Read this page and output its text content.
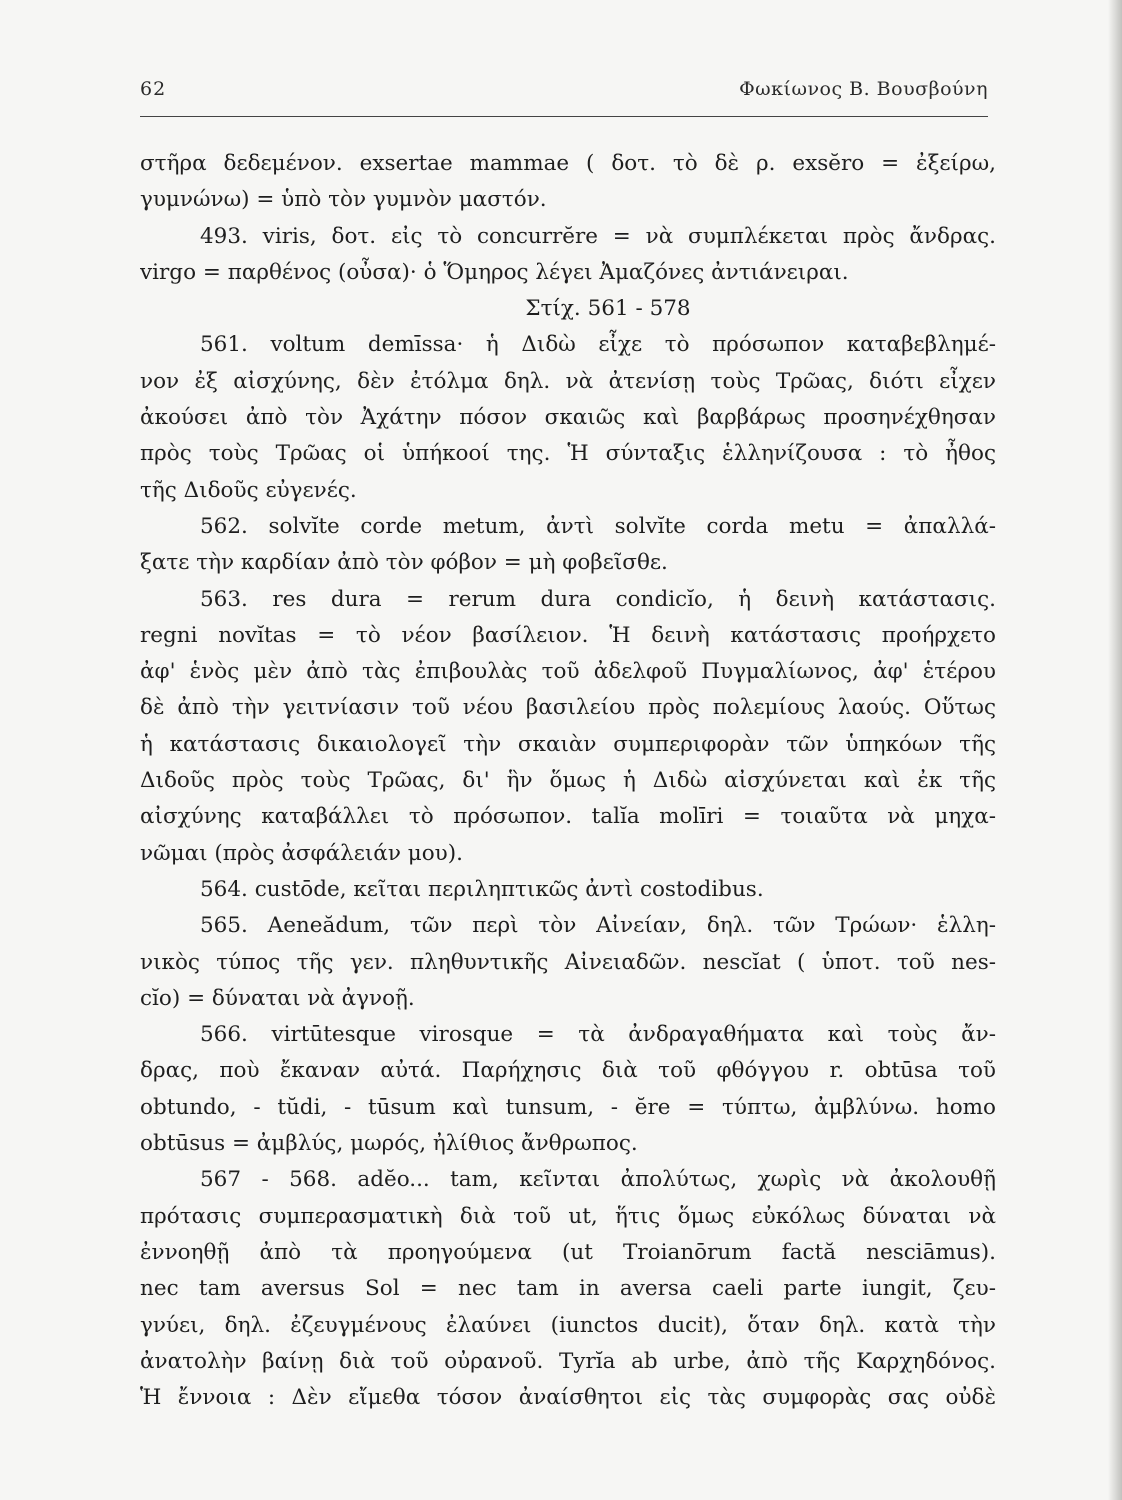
62	Φωκίωνος Β. Βουσβούνη
στῆρα δεδεμένον. exsertae mammae ( δοτ. τὸ δὲ ρ. exsĕro = ἐξείρω,
γυμνώνω) = ὑπὸ τὸν γυμνὸν μαστόν.
493. viris, δοτ. εἰς τὸ concurrĕre = νὰ συμπλέκεται πρὸς ἄνδρας.
virgo = παρθένος (οὖσα)· ὁ Ὅμηρος λέγει Ἀμαζόνες ἀντιάνειραι.
Στίχ. 561 - 578
561. voltum demīssa· ἡ Διδὼ εἶχε τὸ πρόσωπον καταβεβλημέ-
νον ἐξ αἰσχύνης, δὲν ἐτόλμα δηλ. νὰ ἀτενίσῃ τοὺς Τρῶας, διότι εἶχεν
ἀκούσει ἀπὸ τὸν Ἀχάτην πόσον σκαιῶς καὶ βαρβάρως προσηνέχθησαν
πρὸς τοὺς Τρῶας οἱ ὑπήκοοί της. Ἡ σύνταξις ἑλληνίζουσα : τὸ ἦθος
τῆς Διδοῦς εὐγενές.
562. solvĭte corde metum, ἀντὶ solvĭte corda metu = ἀπαλλά-
ξατε τὴν καρδίαν ἀπὸ τὸν φόβον = μὴ φοβεῖσθε.
563. res dura = rerum dura condicĭo, ἡ δεινὴ κατάστασις.
regni novĭtas = τὸ νέον βασίλειον. Ἡ δεινὴ κατάστασις προήρχετο
ἀφ' ἑνὸς μὲν ἀπὸ τὰς ἐπιβουλὰς τοῦ ἀδελφοῦ Πυγμαλίωνος, ἀφ' ἑτέρου
δὲ ἀπὸ τὴν γειτνίασιν τοῦ νέου βασιλείου πρὸς πολεμίους λαούς. Οὕτως
ἡ κατάστασις δικαιολογεῖ τὴν σκαιὰν συμπεριφορὰν τῶν ὑπηκόων τῆς
Διδοῦς πρὸς τοὺς Τρῶας, δι' ἣν ὅμως ἡ Διδὼ αἰσχύνεται καὶ ἐκ τῆς
αἰσχύνης καταβάλλει τὸ πρόσωπον. talĭa molīri = τοιαῦτα νὰ μηχα-
νῶμαι (πρὸς ἀσφάλειάν μου).
564. custōde, κεῖται περιληπτικῶς ἀντὶ costodibus.
565. Aeneădum, τῶν περὶ τὸν Αἰνείαν, δηλ. τῶν Τρώων· ἑλλη-
νικὸς τύπος τῆς γεν. πληθυντικῆς Αἰνειαδῶν. nescĭat ( ὑποτ. τοῦ nes-
cĭo) = δύναται νὰ ἀγνοῇ.
566. virtūtesque virosque = τὰ ἀνδραγαθήματα καὶ τοὺς ἄν-
δρας, ποὺ ἔκαναν αὐτά. Παρήχησις διὰ τοῦ φθόγγου r. obtūsa τοῦ
obtundo, - tŭdi, - tūsum καὶ tunsum, - ĕre = τύπτω, ἀμβλύνω. homo
obtūsus = ἀμβλύς, μωρός, ἠλίθιος ἄνθρωπος.
567 - 568. adĕo... tam, κεῖνται ἀπολύτως, χωρὶς νὰ ἀκολουθῇ
πρότασις συμπερασματικὴ διὰ τοῦ ut, ἥτις ὅμως εὐκόλως δύναται νὰ
ἐννοηθῇ ἀπὸ τὰ προηγούμενα (ut Troianōrum factă nesciāmus).
nec tam aversus Sol = nec tam in aversa caeli parte iungit, ζευ-
γνύει, δηλ. ἐζευγμένους ἐλαύνει (iunctos ducit), ὅταν δηλ. κατὰ τὴν
ἀνατολὴν βαίνῃ διὰ τοῦ οὐρανοῦ. Tyrĭa ab urbe, ἀπὸ τῆς Καρχηδόνος.
Ἡ ἔννοια : Δὲν εἴμεθα τόσον ἀναίσθητοι εἰς τὰς συμφορὰς σας οὐδὲ
